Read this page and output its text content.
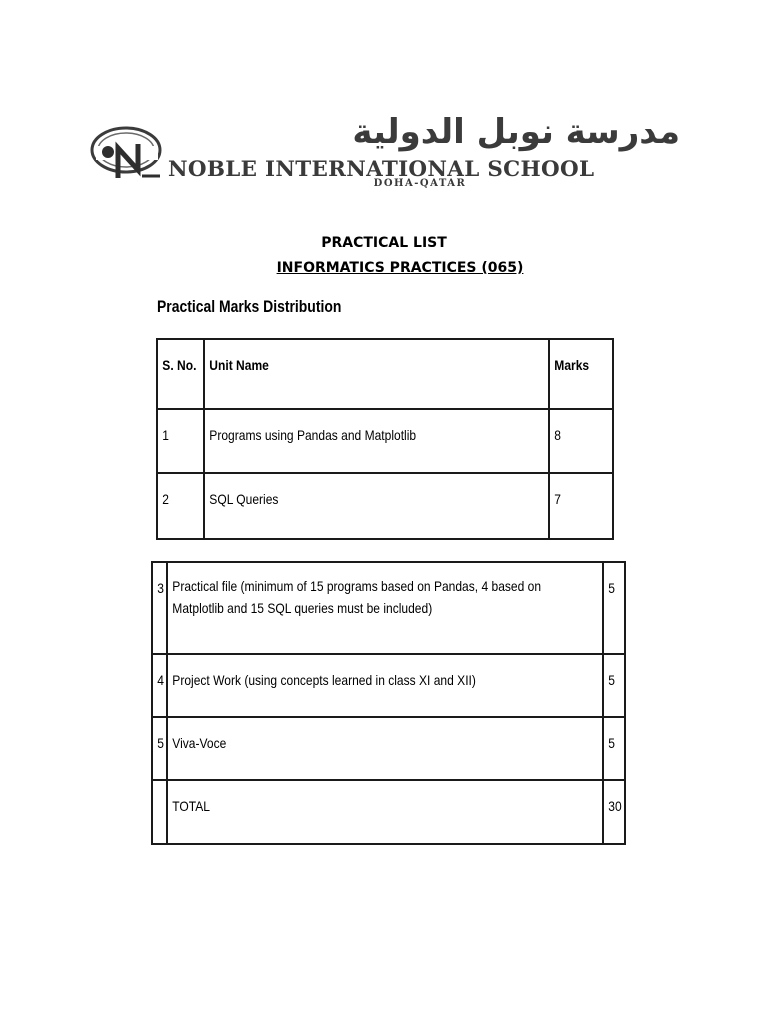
مدرسة نوبل الدولية
NOBLE INTERNATIONAL SCHOOL
DOHA-QATAR
PRACTICAL LIST
INFORMATICS PRACTICES (065)
Practical Marks Distribution
S. No.	Unit Name	Marks

1	Programs using Pandas and Matplotlib	8

2	SQL Queries	7
3	Practical file (minimum of 15 programs based on Pandas, 4 based on
Matplotlib and 15 SQL queries must be included)	5

4	Project Work (using concepts learned in class XI and XII)	5

5	Viva-Voce	5

	TOTAL	30
